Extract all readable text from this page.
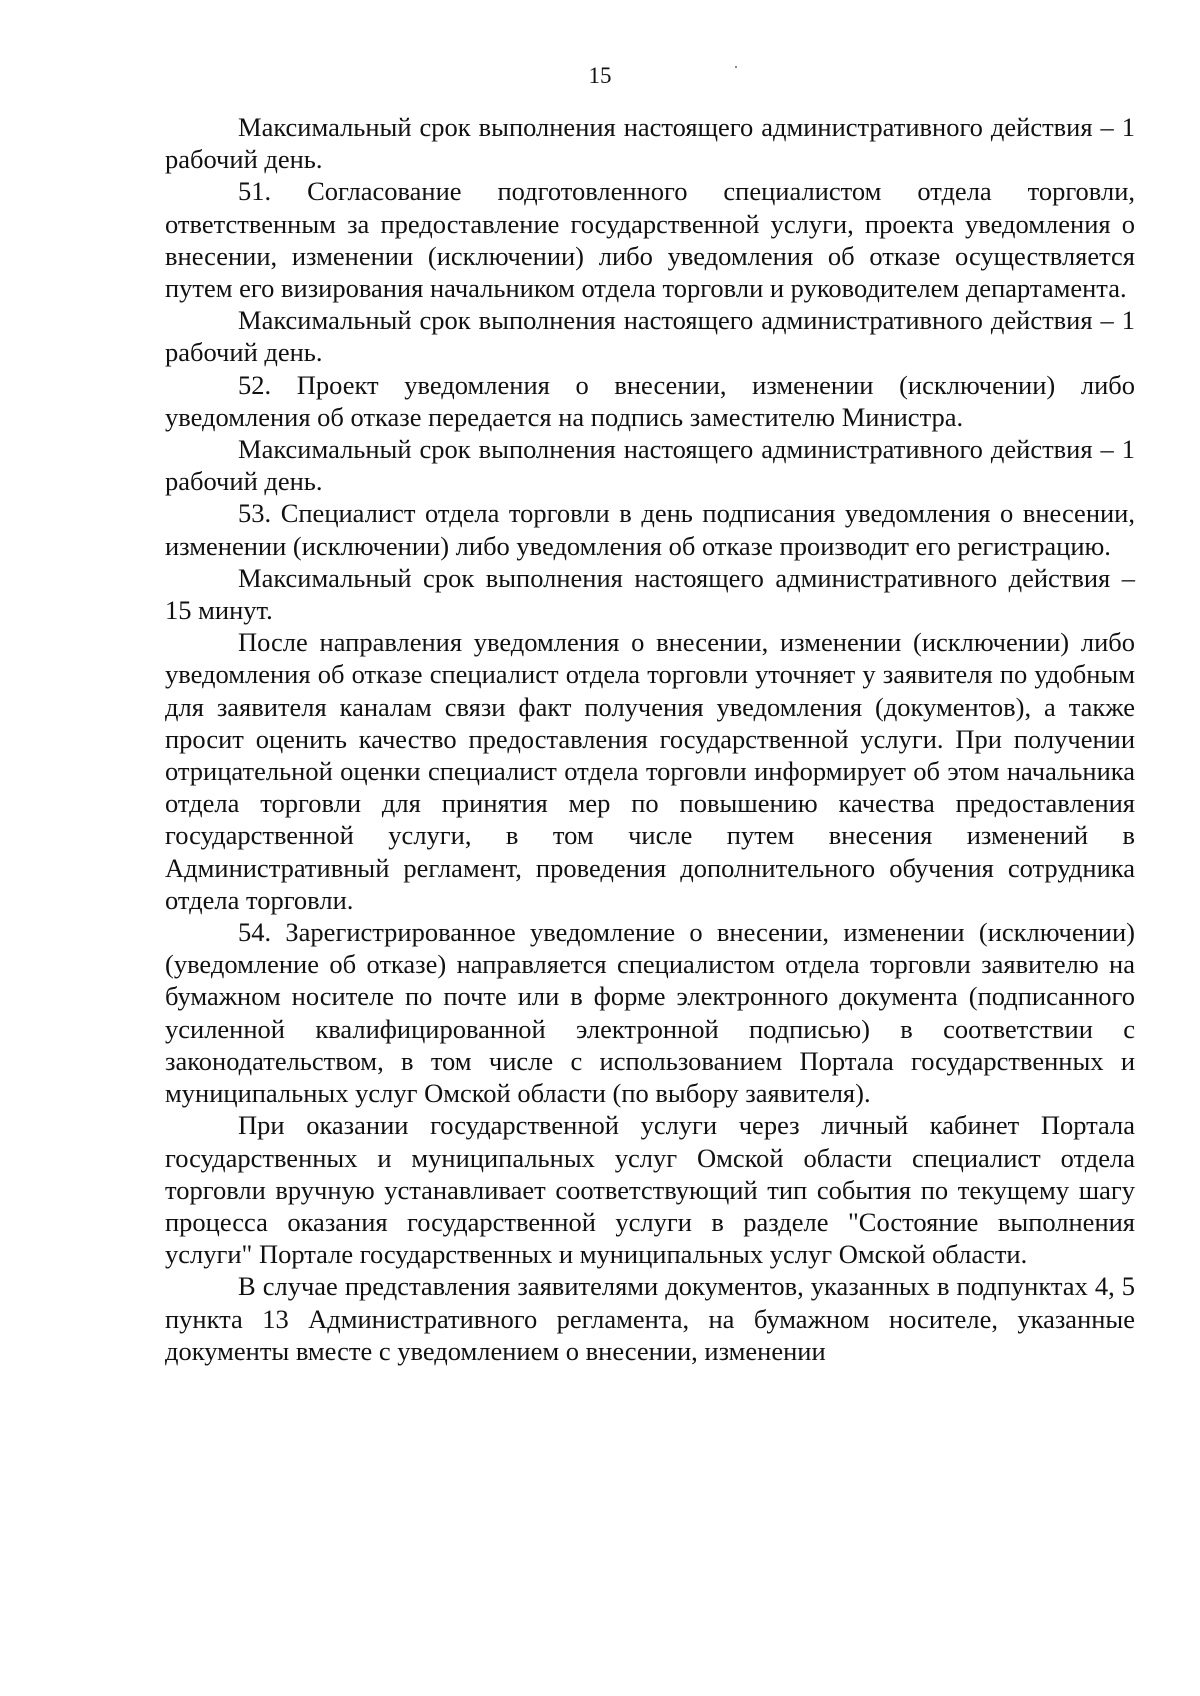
15

Максимальный срок выполнения настоящего административного действия – 1 рабочий день.

51. Согласование подготовленного специалистом отдела торговли, ответственным за предоставление государственной услуги, проекта уведомления о внесении, изменении (исключении) либо уведомления об отказе осуществляется путем его визирования начальником отдела торговли и руководителем департамента.

Максимальный срок выполнения настоящего административного действия – 1 рабочий день.

52. Проект уведомления о внесении, изменении (исключении) либо уведомления об отказе передается на подпись заместителю Министра.

Максимальный срок выполнения настоящего административного действия – 1 рабочий день.

53. Специалист отдела торговли в день подписания уведомления о внесении, изменении (исключении) либо уведомления об отказе производит его регистрацию.

Максимальный срок выполнения настоящего административного действия – 15 минут.

После направления уведомления о внесении, изменении (исключении) либо уведомления об отказе специалист отдела торговли уточняет у заявителя по удобным для заявителя каналам связи факт получения уведомления (документов), а также просит оценить качество предоставления государственной услуги. При получении отрицательной оценки специалист отдела торговли информирует об этом начальника отдела торговли для принятия мер по повышению качества предоставления государственной услуги, в том числе путем внесения изменений в Административный регламент, проведения дополнительного обучения сотрудника отдела торговли.

54. Зарегистрированное уведомление о внесении, изменении (исключении) (уведомление об отказе) направляется специалистом отдела торговли заявителю на бумажном носителе по почте или в форме электронного документа (подписанного усиленной квалифицированной электронной подписью) в соответствии с законодательством, в том числе с использованием Портала государственных и муниципальных услуг Омской области (по выбору заявителя).

При оказании государственной услуги через личный кабинет Портала государственных и муниципальных услуг Омской области специалист отдела торговли вручную устанавливает соответствующий тип события по текущему шагу процесса оказания государственной услуги в разделе "Состояние выполнения услуги" Портале государственных и муниципальных услуг Омской области.

В случае представления заявителями документов, указанных в подпунктах 4, 5 пункта 13 Административного регламента, на бумажном носителе, указанные документы вместе с уведомлением о внесении, изменении
